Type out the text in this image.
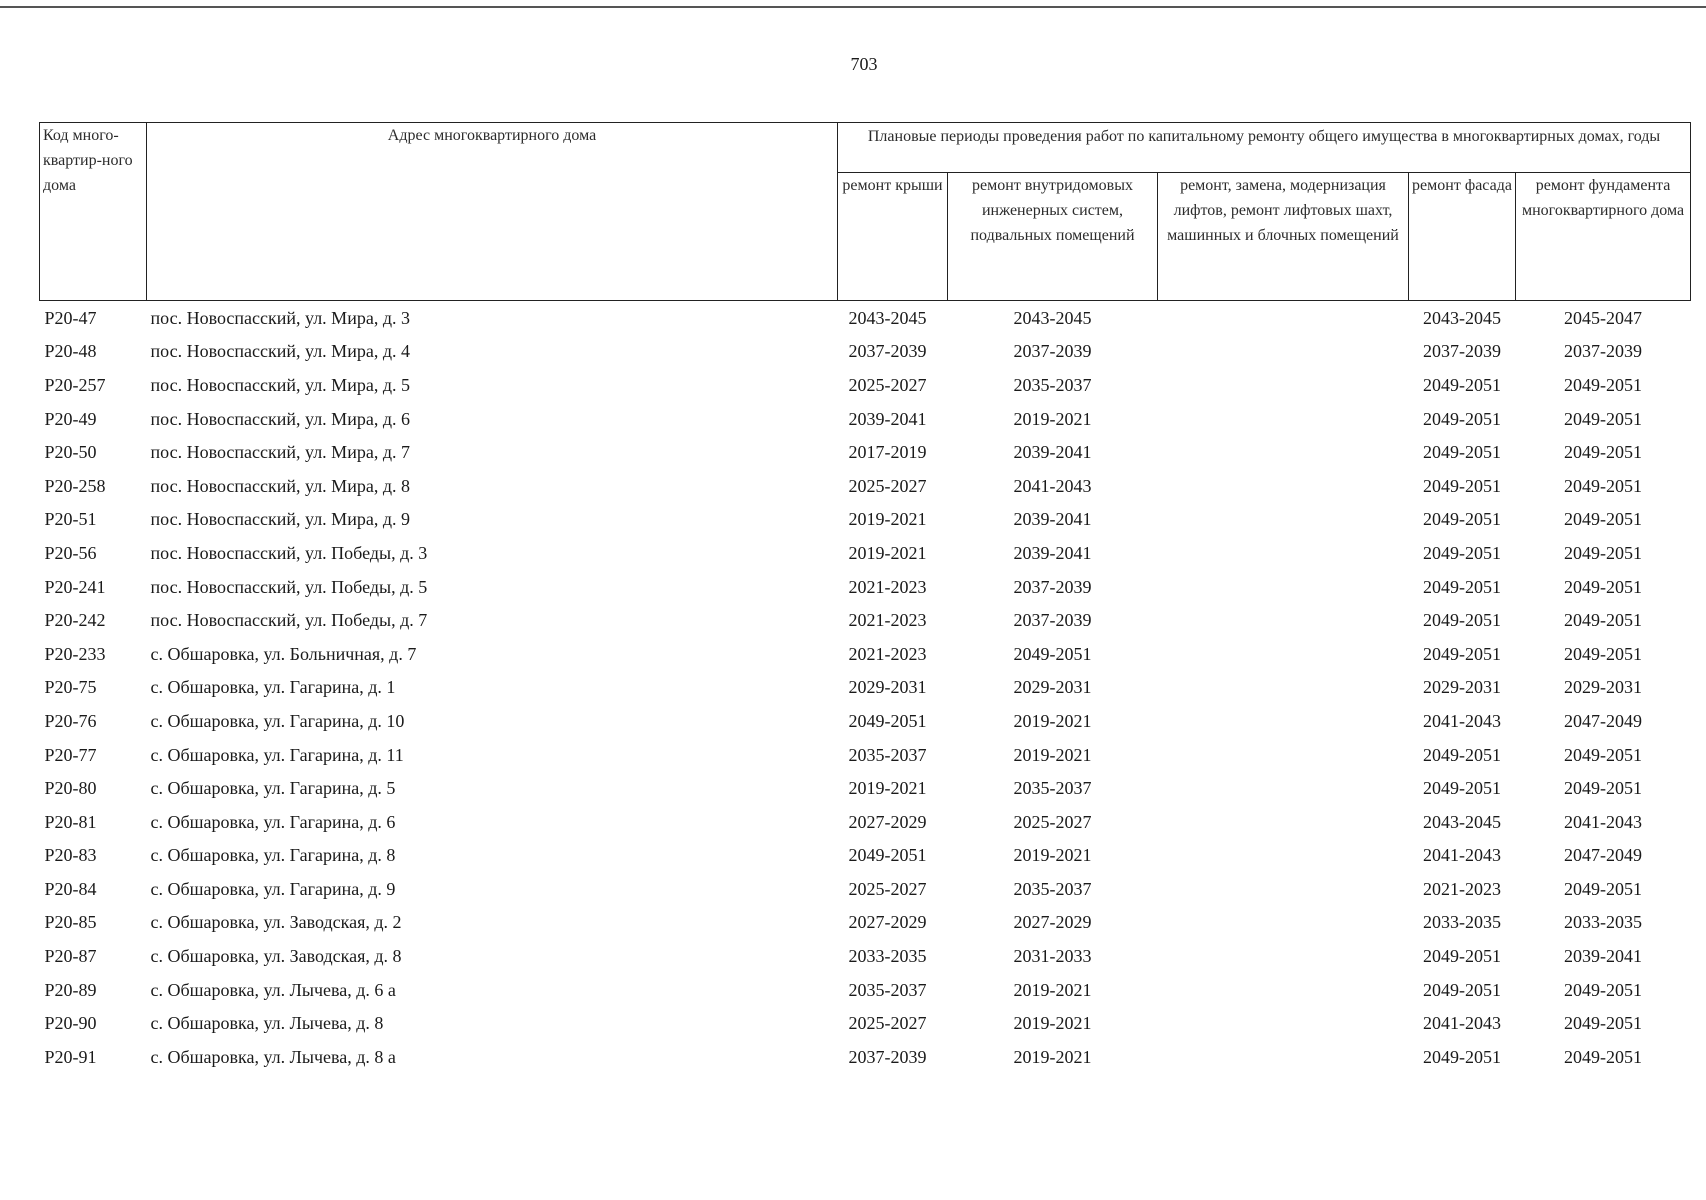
703
Код много-квартир-ного дома	Адрес многоквартирного дома	Плановые периоды проведения работ по капитальному ремонту общего имущества в многоквартирных домах, годы				
		ремонт крыши	ремонт внутридомовых инженерных систем, подвальных помещений	ремонт, замена, модернизация лифтов, ремонт лифтовых шахт, машинных и блочных помещений	ремонт фасада	ремонт фундамента многоквартирного дома
Р20-47	пос. Новоспасский, ул. Мира, д. 3	2043-2045	2043-2045		2043-2045	2045-2047
Р20-48	пос. Новоспасский, ул. Мира, д. 4	2037-2039	2037-2039		2037-2039	2037-2039
Р20-257	пос. Новоспасский, ул. Мира, д. 5	2025-2027	2035-2037		2049-2051	2049-2051
Р20-49	пос. Новоспасский, ул. Мира, д. 6	2039-2041	2019-2021		2049-2051	2049-2051
Р20-50	пос. Новоспасский, ул. Мира, д. 7	2017-2019	2039-2041		2049-2051	2049-2051
Р20-258	пос. Новоспасский, ул. Мира, д. 8	2025-2027	2041-2043		2049-2051	2049-2051
Р20-51	пос. Новоспасский, ул. Мира, д. 9	2019-2021	2039-2041		2049-2051	2049-2051
Р20-56	пос. Новоспасский, ул. Победы, д. 3	2019-2021	2039-2041		2049-2051	2049-2051
Р20-241	пос. Новоспасский, ул. Победы, д. 5	2021-2023	2037-2039		2049-2051	2049-2051
Р20-242	пос. Новоспасский, ул. Победы, д. 7	2021-2023	2037-2039		2049-2051	2049-2051
Р20-233	с. Обшаровка, ул. Больничная, д. 7	2021-2023	2049-2051		2049-2051	2049-2051
Р20-75	с. Обшаровка, ул. Гагарина, д. 1	2029-2031	2029-2031		2029-2031	2029-2031
Р20-76	с. Обшаровка, ул. Гагарина, д. 10	2049-2051	2019-2021		2041-2043	2047-2049
Р20-77	с. Обшаровка, ул. Гагарина, д. 11	2035-2037	2019-2021		2049-2051	2049-2051
Р20-80	с. Обшаровка, ул. Гагарина, д. 5	2019-2021	2035-2037		2049-2051	2049-2051
Р20-81	с. Обшаровка, ул. Гагарина, д. 6	2027-2029	2025-2027		2043-2045	2041-2043
Р20-83	с. Обшаровка, ул. Гагарина, д. 8	2049-2051	2019-2021		2041-2043	2047-2049
Р20-84	с. Обшаровка, ул. Гагарина, д. 9	2025-2027	2035-2037		2021-2023	2049-2051
Р20-85	с. Обшаровка, ул. Заводская, д. 2	2027-2029	2027-2029		2033-2035	2033-2035
Р20-87	с. Обшаровка, ул. Заводская, д. 8	2033-2035	2031-2033		2049-2051	2039-2041
Р20-89	с. Обшаровка, ул. Лычева, д. 6 а	2035-2037	2019-2021		2049-2051	2049-2051
Р20-90	с. Обшаровка, ул. Лычева, д. 8	2025-2027	2019-2021		2041-2043	2049-2051
Р20-91	с. Обшаровка, ул. Лычева, д. 8 а	2037-2039	2019-2021		2049-2051	2049-2051
